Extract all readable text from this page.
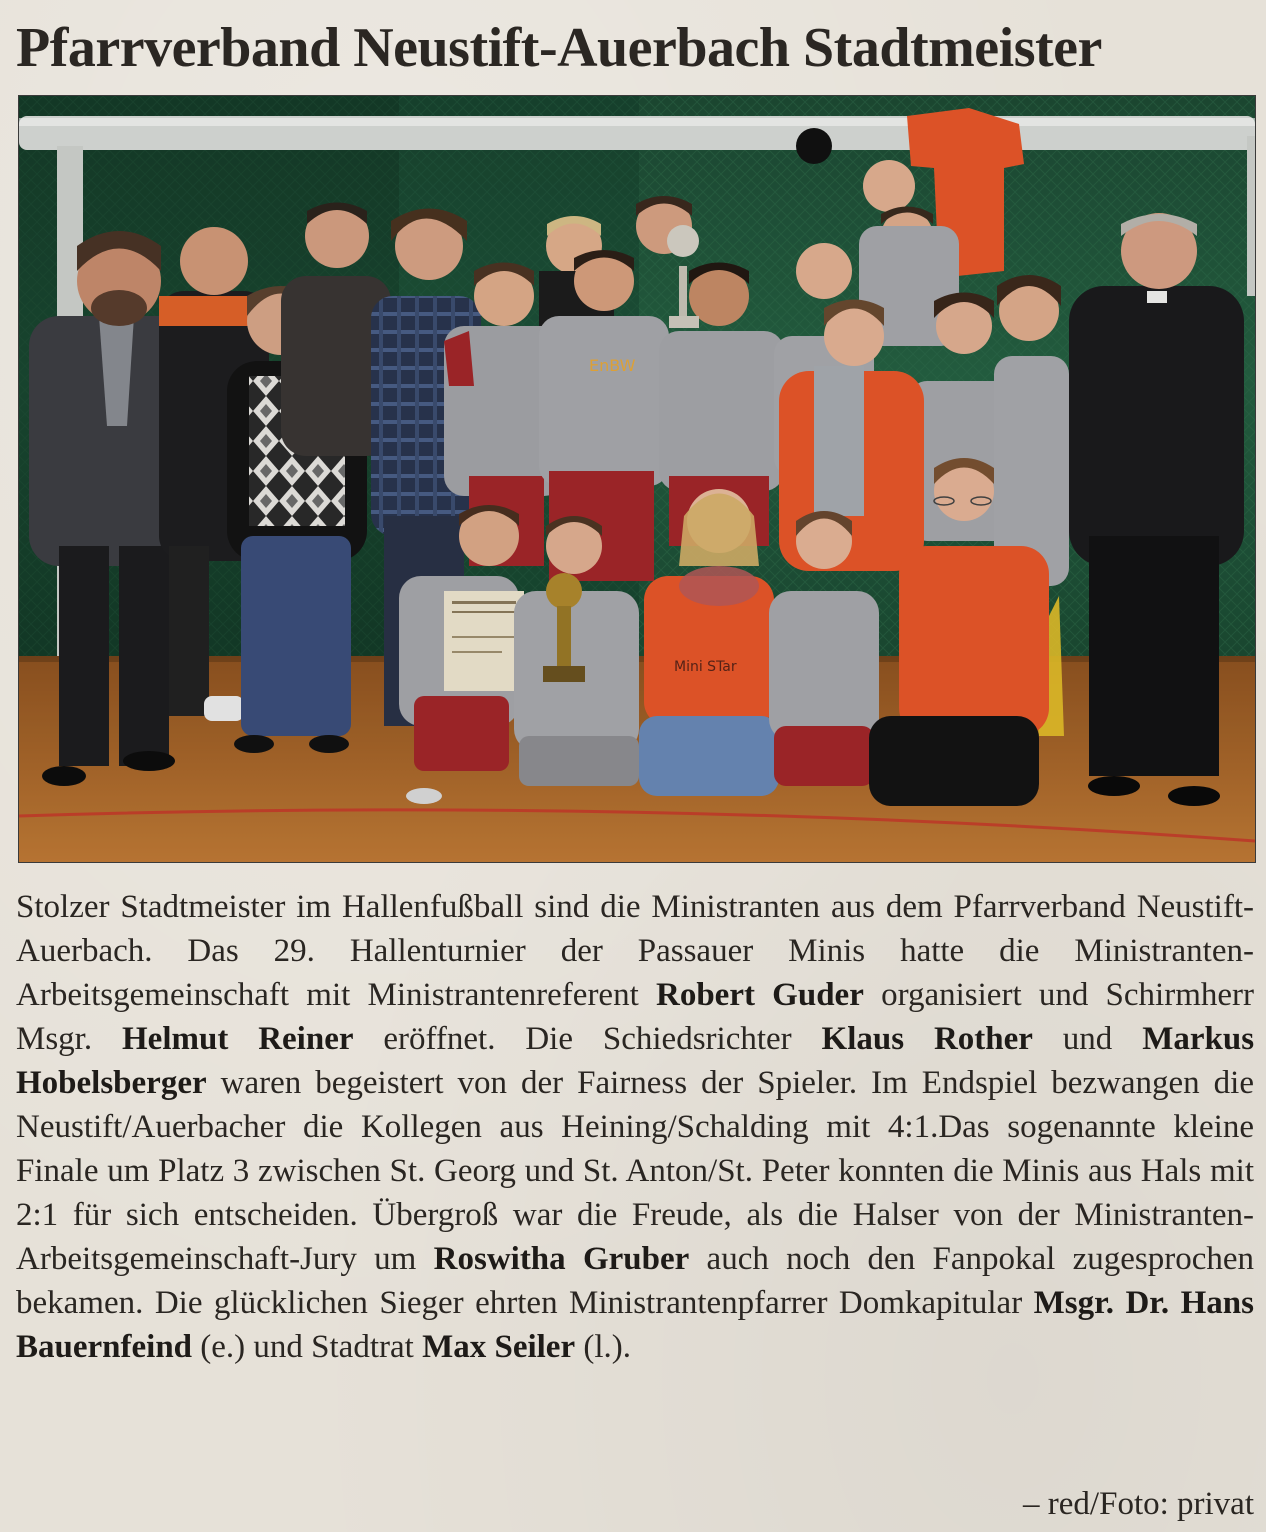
Pfarrverband Neustift-Auerbach Stadtmeister
EnBW
Mini STar

Stolzer Stadtmeister im Hallenfußball sind die Ministranten aus dem Pfarrverband Neustift-Auerbach. Das 29. Hallenturnier der Passauer Minis hatte die Ministranten-Arbeitsgemeinschaft mit Ministrantenreferent Robert Guder organisiert und Schirmherr Msgr. Helmut Reiner eröffnet. Die Schiedsrichter Klaus Rother und Markus Hobelsberger waren begeistert von der Fairness der Spieler. Im Endspiel bezwangen die Neustift/Auerbacher die Kollegen aus Heining/Schalding mit 4:1.Das sogenannte kleine Finale um Platz 3 zwischen St. Georg und St. Anton/St. Peter konnten die Minis aus Hals mit 2:1 für sich entscheiden. Übergroß war die Freude, als die Halser von der Ministranten-Arbeitsgemeinschaft-Jury um Roswitha Gruber auch noch den Fanpokal zugesprochen bekamen. Die glücklichen Sieger ehrten Ministrantenpfarrer Domkapitular Msgr. Dr. Hans Bauernfeind (e.) und Stadtrat Max Seiler (l.).

– red/Foto: privat
